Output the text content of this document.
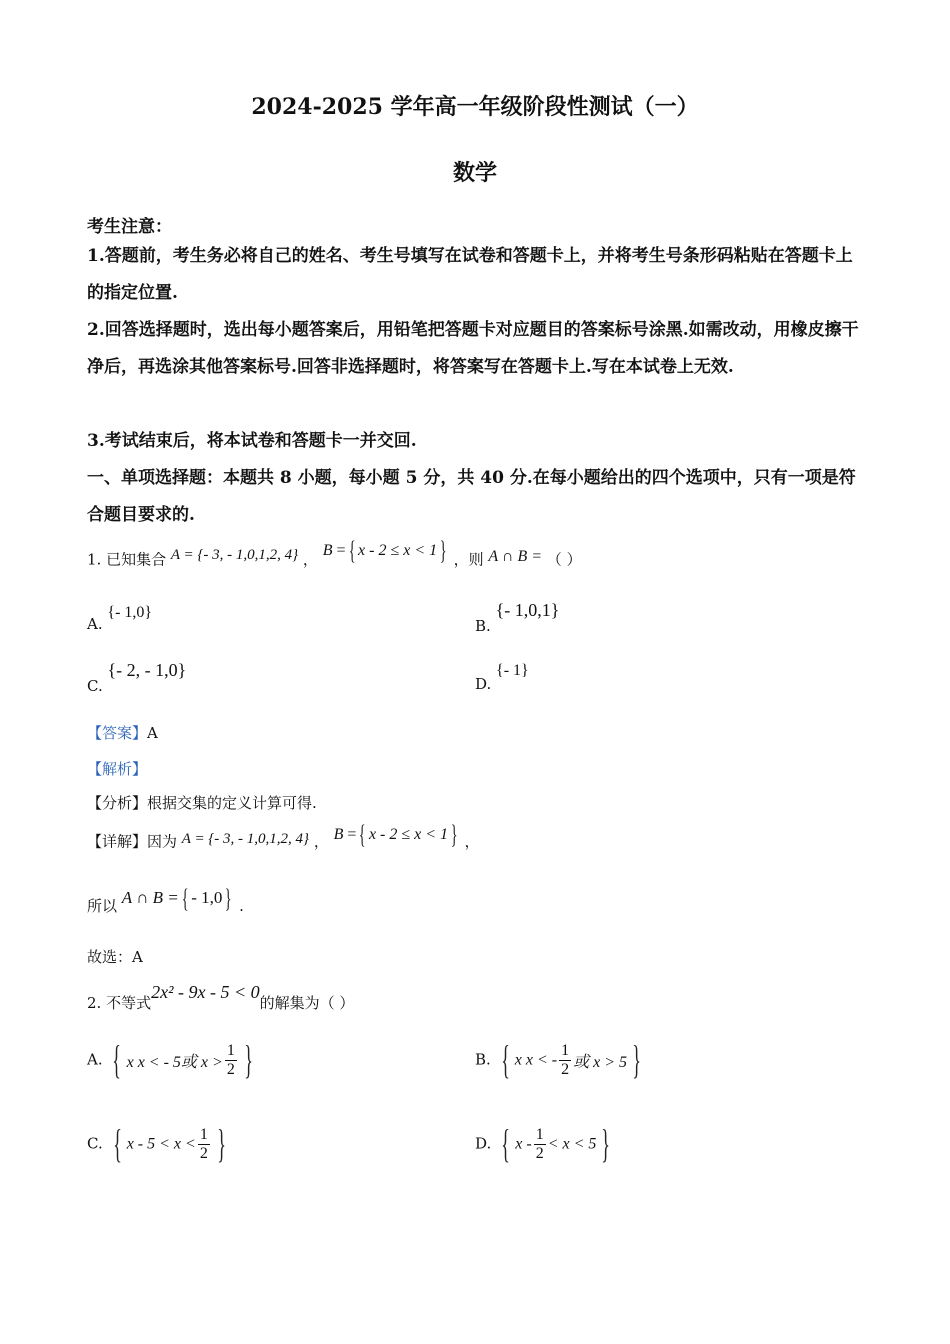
2024-2025 学年高一年级阶段性测试（一）
数学
考生注意：
1.答题前，考生务必将自己的姓名、考生号填写在试卷和答题卡上，并将考生号条形码粘贴在答题卡上的指定位置.
2.回答选择题时，选出每小题答案后，用铅笔把答题卡对应题目的答案标号涂黑.如需改动，用橡皮擦干净后，再选涂其他答案标号.回答非选择题时，将答案写在答题卡上.写在本试卷上无效.
3.考试结束后，将本试卷和答题卡一并交回.
一、单项选择题：本题共 8 小题，每小题 5 分，共 40 分.在每小题给出的四个选项中，只有一项是符合题目要求的.
1. 已知集合 A = {- 3, - 1,0,1,2, 4} ， B = { x - 2 ≤ x < 1 } ，则 A ∩ B = （ ）
A. {- 1,0}
B. {- 1,0,1}
C. {- 2, - 1,0}
D. {- 1}
【答案】A
【解析】
【分析】根据交集的定义计算可得.
【详解】因为 A = {- 3, - 1,0,1,2, 4} ， B = { x - 2 ≤ x < 1 } ，
所以 A ∩ B = { - 1,0 } .
故选：A
2. 不等式2x² - 9x - 5 < 0的解集为（ ）
A. { x x < - 5或 $x > \frac{1}{2}$ }	B. { x x < - $\frac{1}{2}$ 或 x > 5 }
C. { $x - 5 < x < \frac{1}{2}$ }	D. { $x - \frac{1}{2} < x < 5$ }
